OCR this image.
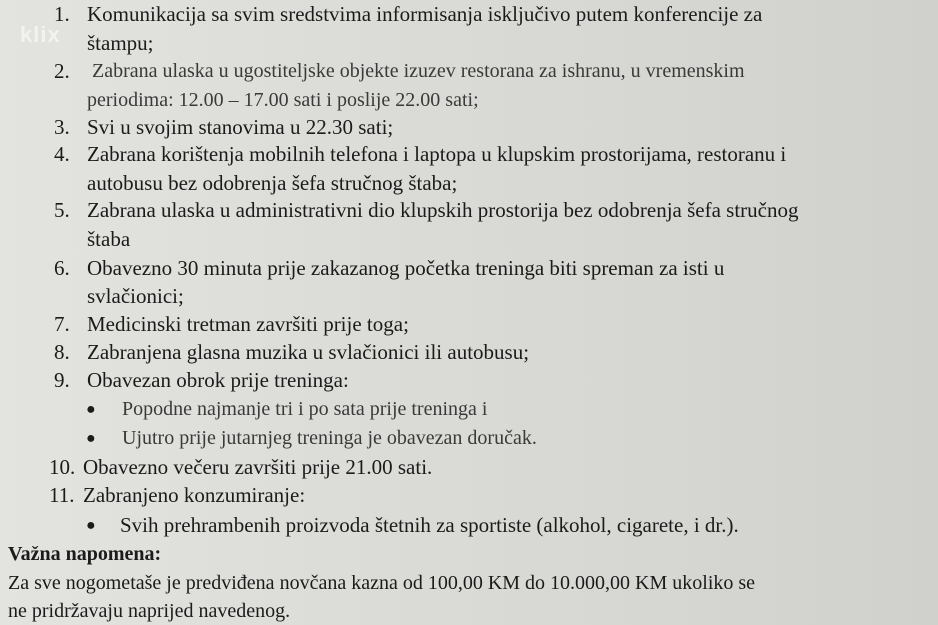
klix
1. Komunikacija sa svim sredstvima informisanja isključivo putem konferencije za
štampu;
2. Zabrana ulaska u ugostiteljske objekte izuzev restorana za ishranu, u vremenskim
periodima: 12.00 – 17.00 sati i poslije 22.00 sati;
3. Svi u svojim stanovima u 22.30 sati;
4. Zabrana korištenja mobilnih telefona i laptopa u klupskim prostorijama, restoranu i
autobusu bez odobrenja šefa stručnog štaba;
5. Zabrana ulaska u administrativni dio klupskih prostorija bez odobrenja šefa stručnog
štaba
6. Obavezno 30 minuta prije zakazanog početka treninga biti spreman za isti u
svlačionici;
7. Medicinski tretman završiti prije toga;
8. Zabranjena glasna muzika u svlačionici ili autobusu;
9. Obavezan obrok prije treninga:
● Popodne najmanje tri i po sata prije treninga i
● Ujutro prije jutarnjeg treninga je obavezan doručak.
10. Obavezno večeru završiti prije 21.00 sati.
11. Zabranjeno konzumiranje:
● Svih prehrambenih proizvoda štetnih za sportiste (alkohol, cigarete, i dr.).
Važna napomena:
Za sve nogometaše je predviđena novčana kazna od 100,00 KM do 10.000,00 KM ukoliko se
ne pridržavaju naprijed navedenog.
